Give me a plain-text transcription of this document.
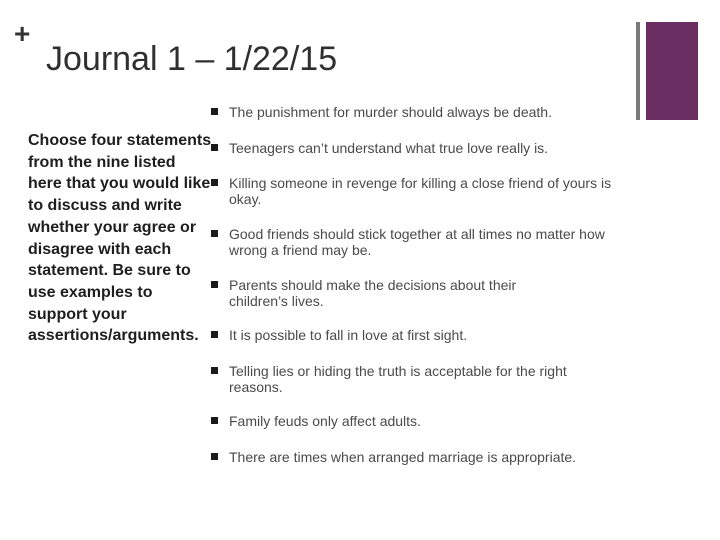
+
Journal 1 – 1/22/15
Choose four statements from the nine listed here that you would like to discuss and write whether your agree or disagree with each statement. Be sure to use examples to support your assertions/arguments.
The punishment for murder should always be death.
Teenagers can’t understand what true love really is.
Killing someone in revenge for killing a close friend of yours is okay.
Good friends should stick together at all times no matter how wrong a friend may be.
Parents should make the decisions about their children’s lives.
It is possible to fall in love at first sight.
Telling lies or hiding the truth is acceptable for the right reasons.
Family feuds only affect adults.
There are times when arranged marriage is appropriate.
